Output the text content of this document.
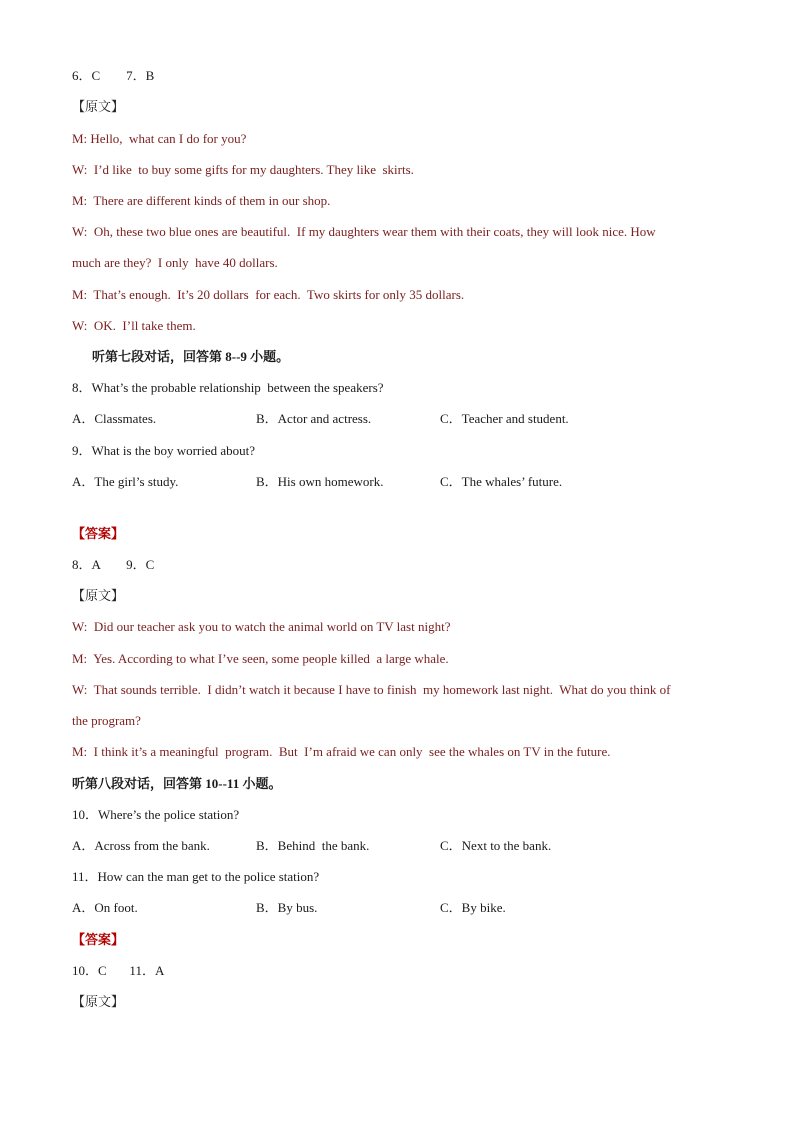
6．C        7．B
【原文】
M: Hello,  what can I do for you?
W:  I’d like  to buy some gifts for my daughters. They like  skirts.
M:  There are different kinds of them in our shop.
W:  Oh, these two blue ones are beautiful.  If my daughters wear them with their coats, they will look nice. How
much are they?  I only  have 40 dollars.
M:  That’s enough.  It’s 20 dollars  for each.  Two skirts for only 35 dollars.
W:  OK.  I’ll take them.
听第七段对话，回答第 8--9 小题。
8．What’s the probable relationship  between the speakers?
A．Classmates.	B．Actor and actress.	C．Teacher and student.
9．What is the boy worried about?
A．The girl’s study.	B．His own homework.	C．The whales’ future.
【答案】
8．A        9．C
【原文】
W:  Did our teacher ask you to watch the animal world on TV last night?
M:  Yes. According to what I’ve seen, some people killed  a large whale.
W:  That sounds terrible.  I didn’t watch it because I have to finish  my homework last night.  What do you think of
the program?
M:  I think it’s a meaningful  program.  But  I’m afraid we can only  see the whales on TV in the future.
听第八段对话，回答第 10--11 小题。
10．Where’s the police station?
A．Across from the bank.	B．Behind  the bank.	C．Next to the bank.
11．How can the man get to the police station?
A．On foot.	B．By bus.	C．By bike.
【答案】
10．C       11．A
【原文】
